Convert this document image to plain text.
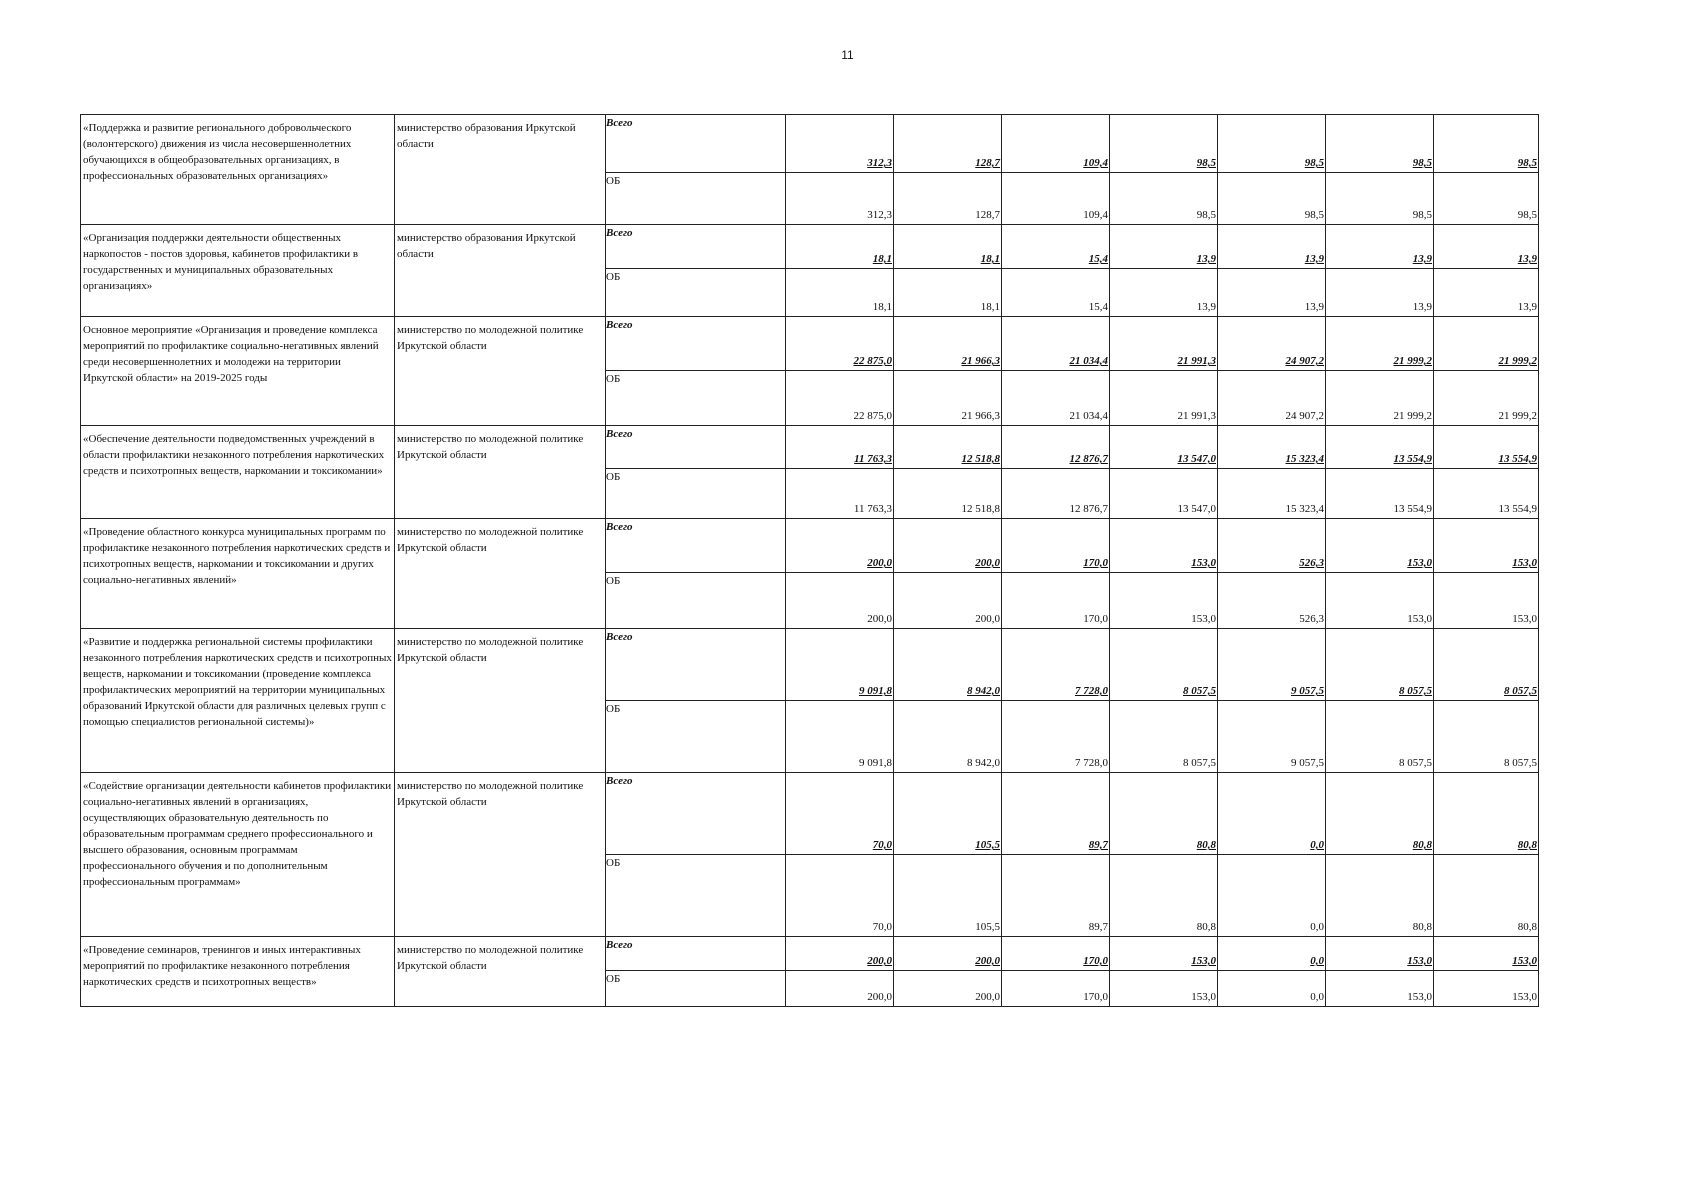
11
«Поддержка и развитие регионального добровольческого (волонтерского) движения из числа несовершеннолетних обучающихся в общеобразовательных организациях, в профессиональных образовательных организациях»	министерство образования Иркутской области	Всего	312,3	128,7	109,4	98,5	98,5	98,5	98,5
		ОБ	312,3	128,7	109,4	98,5	98,5	98,5	98,5
«Организация поддержки деятельности общественных наркопостов - постов здоровья, кабинетов профилактики в государственных и муниципальных образовательных организациях»	министерство образования Иркутской области	Всего	18,1	18,1	15,4	13,9	13,9	13,9	13,9
		ОБ	18,1	18,1	15,4	13,9	13,9	13,9	13,9
Основное мероприятие «Организация и проведение комплекса мероприятий по профилактике социально-негативных явлений среди несовершеннолетних и молодежи на территории Иркутской области» на 2019-2025 годы	министерство по молодежной политике Иркутской области	Всего	22 875,0	21 966,3	21 034,4	21 991,3	24 907,2	21 999,2	21 999,2
		ОБ	22 875,0	21 966,3	21 034,4	21 991,3	24 907,2	21 999,2	21 999,2
«Обеспечение деятельности подведомственных учреждений в области профилактики незаконного потребления наркотических средств и психотропных веществ, наркомании и токсикомании»	министерство по молодежной политике Иркутской области	Всего	11 763,3	12 518,8	12 876,7	13 547,0	15 323,4	13 554,9	13 554,9
		ОБ	11 763,3	12 518,8	12 876,7	13 547,0	15 323,4	13 554,9	13 554,9
«Проведение областного конкурса муниципальных программ по профилактике незаконного потребления наркотических средств и психотропных веществ, наркомании и токсикомании и других социально-негативных явлений»	министерство по молодежной политике Иркутской области	Всего	200,0	200,0	170,0	153,0	526,3	153,0	153,0
		ОБ	200,0	200,0	170,0	153,0	526,3	153,0	153,0
«Развитие и поддержка региональной системы профилактики незаконного потребления наркотических средств и психотропных веществ, наркомании и токсикомании (проведение комплекса профилактических мероприятий на территории муниципальных образований Иркутской области для различных целевых групп с помощью специалистов региональной системы)»	министерство по молодежной политике Иркутской области	Всего	9 091,8	8 942,0	7 728,0	8 057,5	9 057,5	8 057,5	8 057,5
		ОБ	9 091,8	8 942,0	7 728,0	8 057,5	9 057,5	8 057,5	8 057,5
«Содействие организации деятельности кабинетов профилактики социально-негативных явлений в организациях, осуществляющих образовательную деятельность по образовательным программам среднего профессионального и высшего образования, основным программам профессионального обучения и по дополнительным профессиональным программам»	министерство по молодежной политике Иркутской области	Всего	70,0	105,5	89,7	80,8	0,0	80,8	80,8
		ОБ	70,0	105,5	89,7	80,8	0,0	80,8	80,8
«Проведение семинаров, тренингов и иных интерактивных мероприятий по профилактике незаконного потребления наркотических средств и психотропных веществ»	министерство по молодежной политике Иркутской области	Всего	200,0	200,0	170,0	153,0	0,0	153,0	153,0
		ОБ	200,0	200,0	170,0	153,0	0,0	153,0	153,0
